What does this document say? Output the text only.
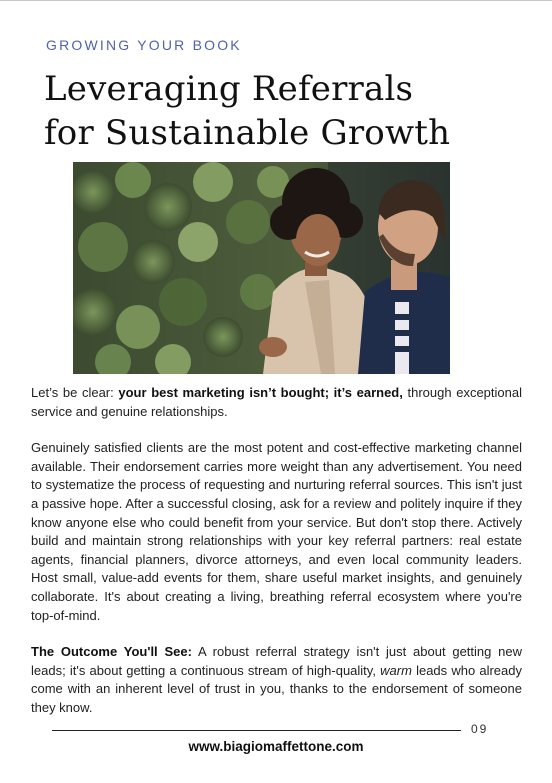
GROWING YOUR BOOK
Leveraging Referrals
for Sustainable Growth

Let’s be clear: your best marketing isn’t bought; it’s earned, through exceptional service and genuine relationships.

Genuinely satisfied clients are the most potent and cost-effective marketing channel available. Their endorsement carries more weight than any advertisement. You need to systematize the process of requesting and nurturing referral sources. This isn't just a passive hope. After a successful closing, ask for a review and politely inquire if they know anyone else who could benefit from your service. But don't stop there. Actively build and maintain strong relationships with your key referral partners: real estate agents, financial planners, divorce attorneys, and even local community leaders. Host small, value-add events for them, share useful market insights, and genuinely collaborate. It's about creating a living, breathing referral ecosystem where you're top-of-mind.

The Outcome You'll See: A robust referral strategy isn't just about getting new leads; it's about getting a continuous stream of high-quality, warm leads who already come with an inherent level of trust in you, thanks to the endorsement of someone they know.

09
www.biagiomaffettone.com
